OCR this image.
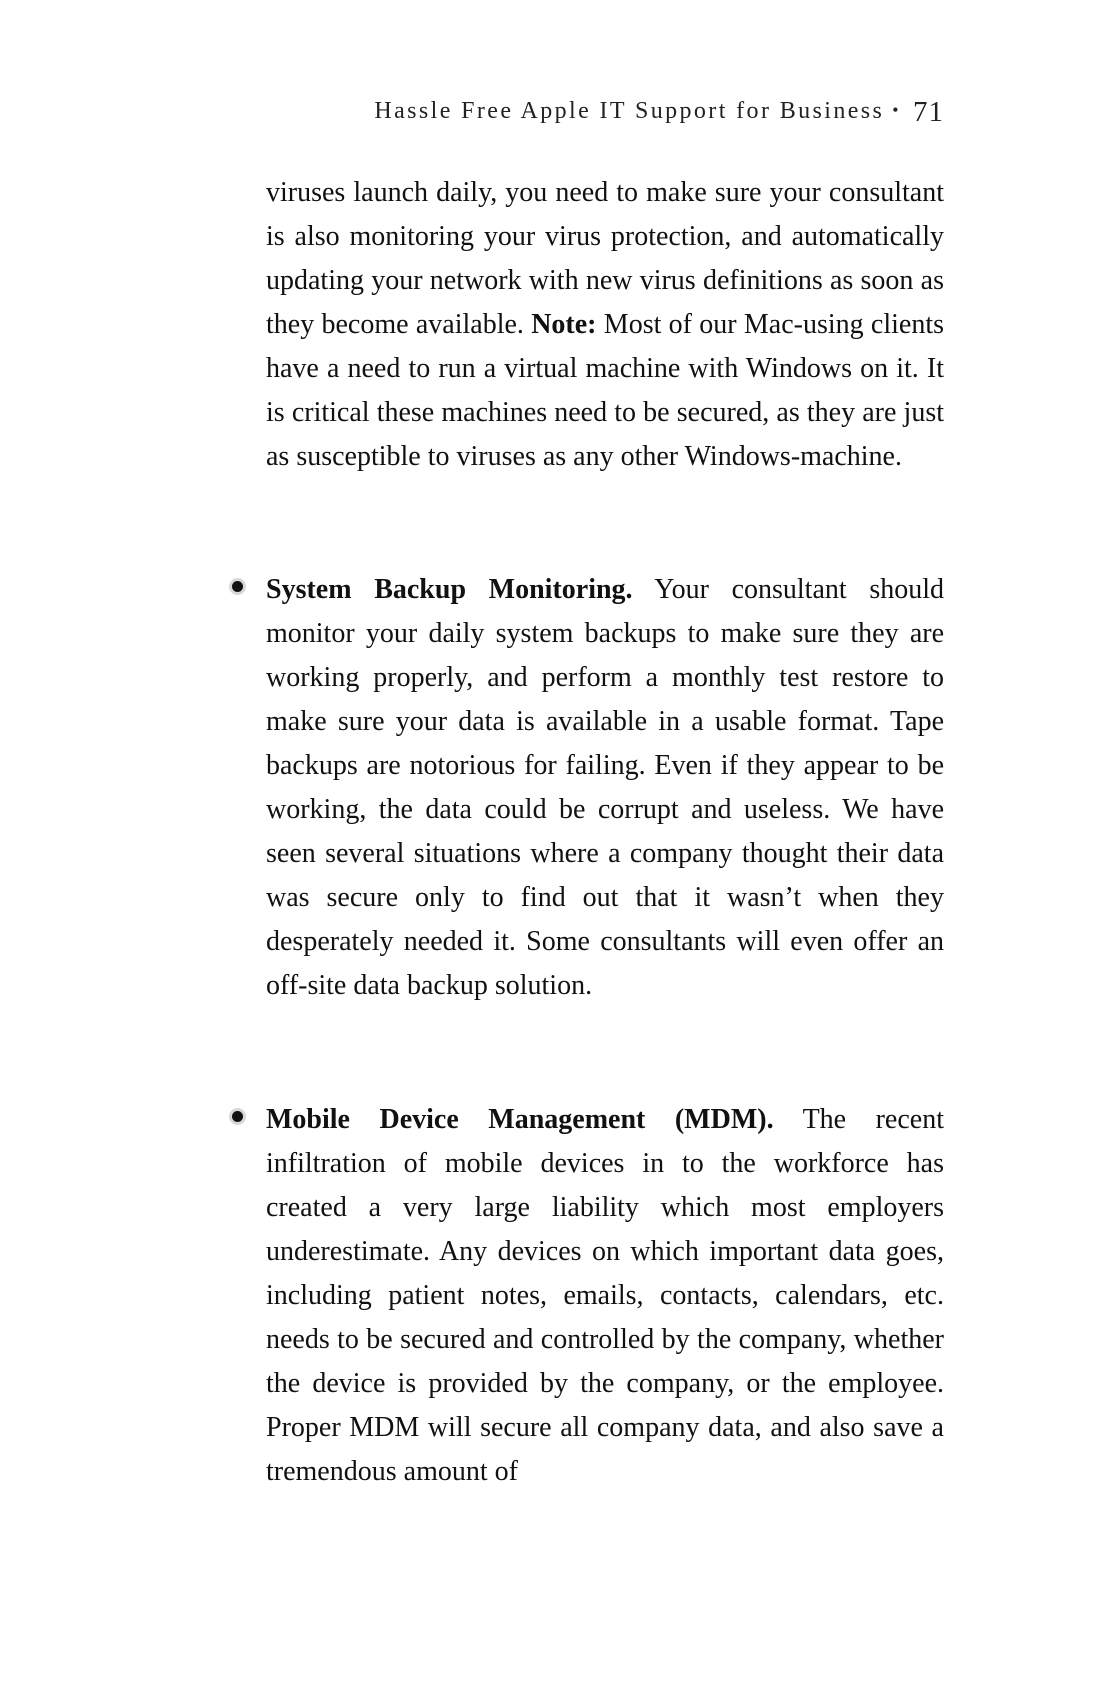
Hassle Free Apple IT Support for Business • 71

viruses launch daily, you need to make sure your consultant is also monitoring your virus protection, and automatically updating your network with new virus definitions as soon as they become available. Note: Most of our Mac-using clients have a need to run a virtual machine with Windows on it. It is critical these machines need to be secured, as they are just as susceptible to viruses as any other Windows-machine.

System Backup Monitoring. Your consultant should monitor your daily system backups to make sure they are working properly, and perform a monthly test restore to make sure your data is available in a usable format. Tape backups are notorious for failing. Even if they appear to be working, the data could be corrupt and useless. We have seen several situations where a company thought their data was secure only to find out that it wasn’t when they desperately needed it. Some consultants will even offer an off-site data backup solution.

Mobile Device Management (MDM). The recent infiltration of mobile devices in to the workforce has created a very large liability which most employers underestimate. Any devices on which important data goes, including patient notes, emails, contacts, calendars, etc. needs to be secured and controlled by the company, whether the device is provided by the company, or the employee. Proper MDM will secure all company data, and also save a tremendous amount of
